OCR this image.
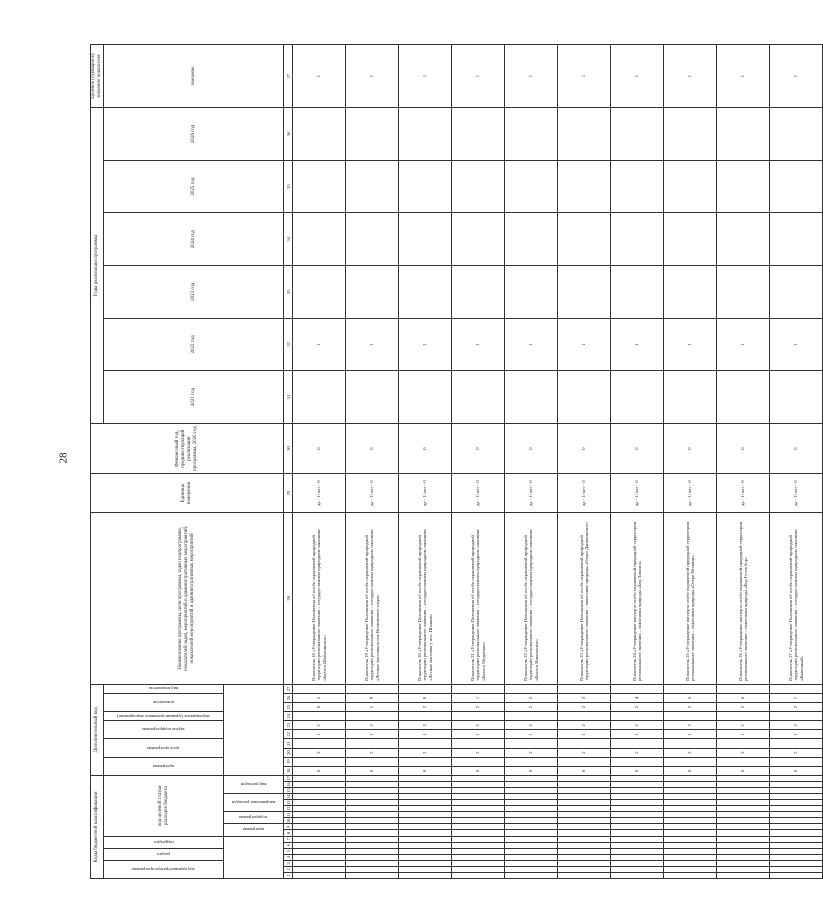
28
Коды бюджетной классификации																	Дополнительный код										Наименование программы, цели программы, задач подпрограммы, показателей задач, мероприятий и административных мероприятий, показателей мероприятий и административных мероприятий	Единица измерения	Финансовый год, предшествующий реализации программы, 2020 год	Годы реализации программы						Целевое (суммарное) значение показателя

код администратора программы			раздел		подраздел		код целевой статьи расходов бюджета										программа		цель программы		задача подпрограммы		мероприятие (административное мероприятие)	показатель		вид показателя				2021 год	2022 год	2023 год	2024 год	2025 год	2026 год	значение

							программа		подпрограмма		направление расходов			вид расходов																						

1	2	3	4	5	6	7	8	9	10	11	12	13	14	15	16	17	18	19	20	21	22	23	24	25	26	27	28	29	30	31	32	33	34	35	36	37
																	8		2		1	2		0	2		Показатель 18 «Утверждение Положения об особо охраняемой природной территории регионального значения – государственном природном заказнике «Болота Шабалинское»	да - 1/ нет - 0	0		1					1
																	8		2		1	2		1	9		Показатель 19 «Утверждение Положения об особо охраняемой природной территории регионального значения – государственном природном заказнике «Лесные массивы возле Волковского озера»	да - 1/ нет - 0	0		1					1
																	8		2		1	2		2	0		Показатель 20 «Утверждение Положения об особо охраняемой природной территории регионального значения – государственном природном заказнике «Лесные массивы у пос. Шалино»	да - 1/ нет - 0	0		1					1
																	8		2		1	2		2	1		Показатель 21 «Утверждение Положения об особо охраняемой природной территории регионального значения – государственном природном заказнике «Болото Медвежье»	да - 1/ нет - 0	0		1					1
																	8		2		1	2		2	2		Показатель 22 «Утверждение Положения об особо охраняемой природной территории регионального значения – государственном природном заказнике «Болото Никольское»	да - 1/ нет - 0	0		1					1
																	8		2		1	2		2	3		Показатель 23 «Утверждение Положения об особо охраняемой природной территории регионального значения – памятнике природы «Озеро Данилинское»	да - 1/ нет - 0	0		1					1
																	8		2		1	2		2	4		Показатель 24 «Утверждение паспорта особо охраняемой природной территории регионального значения – памятника природы «Бор Таволга»	да - 1/ нет - 0	0		1					1
																	8		2		1	2		2	5		Показатель 25 «Утверждение паспорта особо охраняемой природной территории регионального значения – памятника природы «Озеро Мочище»	да - 1/ нет - 0	0		1					1
																	8		2		1	2		2	6		Показатель 26 «Утверждение паспорта особо охраняемой природной территории регионального значения – памятника природы «Бор Гусев бор»	да - 1/ нет - 0	0		1					1
																	8		2		1	2		2	7		Показатель 27 «Утверждение Положения об особо охраняемой природной территории регионального значения – государственном природном заказнике «Каменный»	да - 1/ нет - 0	0		1					1
